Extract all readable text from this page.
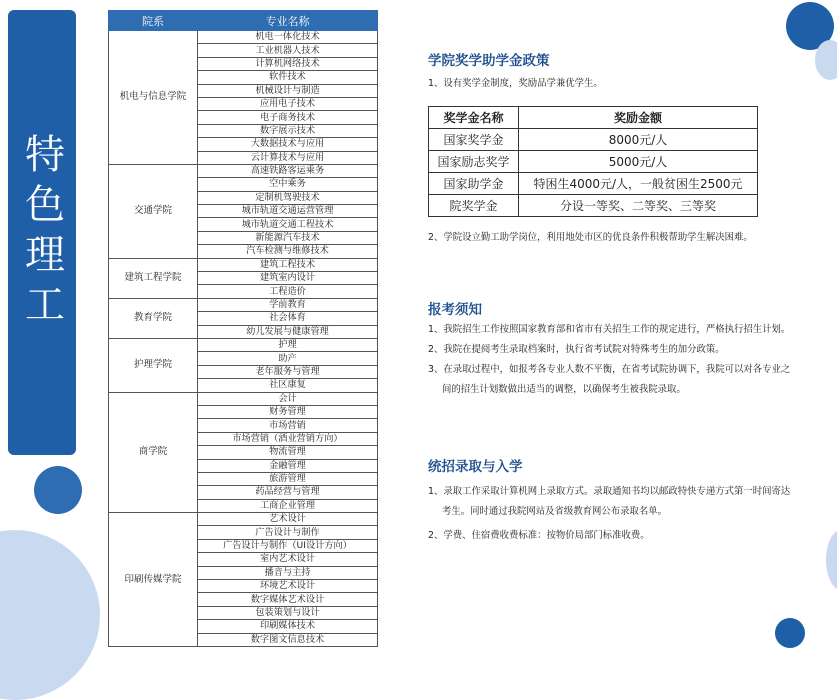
特色理工
院系	专业名称
机电与信息学院	机电一体化技术
	工业机器人技术
	计算机网络技术
	软件技术
	机械设计与制造
	应用电子技术
	电子商务技术
	数字展示技术
	大数据技术与应用
	云计算技术与应用
交通学院	高速铁路客运乘务
	空中乘务
	定制机驾驶技术
	城市轨道交通运营管理
	城市轨道交通工程技术
	新能源汽车技术
	汽车检测与维修技术
建筑工程学院	建筑工程技术
	建筑室内设计
	工程造价
教育学院	学前教育
	社会体育
	幼儿发展与健康管理
护理学院	护理
	助产
	老年服务与管理
	社区康复
商学院	会计
	财务管理
	市场营销
	市场营销（酒业营销方向）
	物流管理
	金融管理
	旅游管理
	药品经营与管理
	工商企业管理
印刷传媒学院	艺术设计
	广告设计与制作
	广告设计与制作（UI设计方向）
	室内艺术设计
	播音与主持
	环境艺术设计
	数字媒体艺术设计
	包装策划与设计
	印刷媒体技术
	数字图文信息技术
学院奖学助学金政策
1、设有奖学金制度，奖励品学兼优学生。
奖学金名称	奖励金额
国家奖学金	8000元/人
国家励志奖学	5000元/人
国家助学金	特困生4000元/人，一般贫困生2500元
院奖学金	分设一等奖、二等奖、三等奖
2、学院设立勤工助学岗位，利用地处市区的优良条件积极帮助学生解决困难。
报考须知
1、我院招生工作按照国家教育部和省市有关招生工作的规定进行，严格执行招生计划。
2、我院在提阅考生录取档案时，执行省考试院对特殊考生的加分政策。
3、在录取过程中，如报考各专业人数不平衡，在省考试院协调下，我院可以对各专业之
间的招生计划数做出适当的调整，以确保考生被我院录取。
统招录取与入学
1、录取工作采取计算机网上录取方式。录取通知书均以邮政特快专递方式第一时间寄达
考生。同时通过我院网站及省级教育网公布录取名单。
2、学费、住宿费收费标准：按物价局部门标准收费。
